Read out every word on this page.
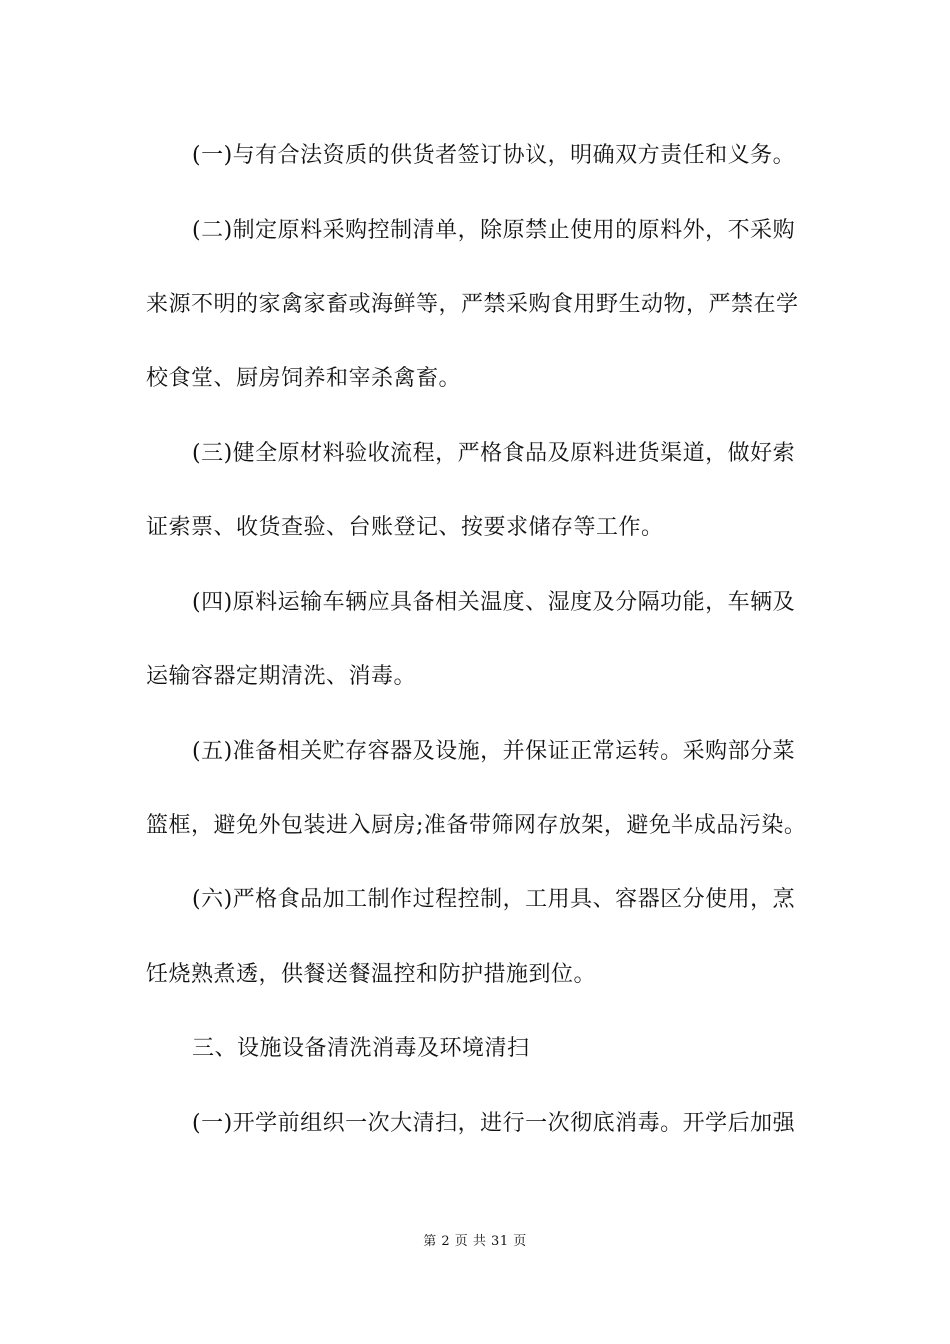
(一)与有合法资质的供货者签订协议，明确双方责任和义务。
(二)制定原料采购控制清单，除原禁止使用的原料外，不采购
来源不明的家禽家畜或海鲜等，严禁采购食用野生动物，严禁在学
校食堂、厨房饲养和宰杀禽畜。
(三)健全原材料验收流程，严格食品及原料进货渠道，做好索
证索票、收货查验、台账登记、按要求储存等工作。
(四)原料运输车辆应具备相关温度、湿度及分隔功能，车辆及
运输容器定期清洗、消毒。
(五)准备相关贮存容器及设施，并保证正常运转。采购部分菜
篮框，避免外包装进入厨房;准备带筛网存放架，避免半成品污染。
(六)严格食品加工制作过程控制，工用具、容器区分使用，烹
饪烧熟煮透，供餐送餐温控和防护措施到位。
三、设施设备清洗消毒及环境清扫
(一)开学前组织一次大清扫，进行一次彻底消毒。开学后加强
第 2 页 共 31 页
